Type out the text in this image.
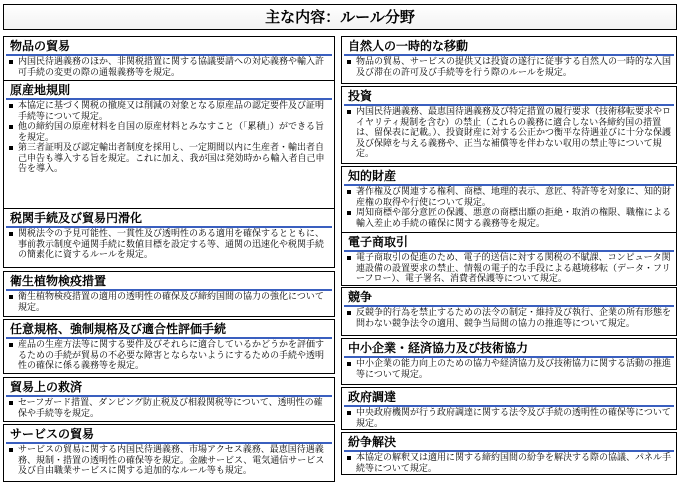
主な内容：ルール分野
物品の貿易
内国民待遇義務のほか、非関税措置に関する協議要請への対応義務や輸入許可手続の変更の際の通報義務等を規定。
原産地規則
本協定に基づく関税の撤廃又は削減の対象となる原産品の認定要件及び証明手続等について規定。
他の締約国の原産材料を自国の原産材料とみなすこと（「累積」）ができる旨を規定。
第三者証明及び認定輸出者制度を採用し、一定期間以内に生産者・輸出者自己申告も導入する旨を規定。これに加え、我が国は発効時から輸入者自己申告を導入。
税関手続及び貿易円滑化
関税法令の予見可能性、一貫性及び透明性のある適用を確保するとともに、事前教示制度や通関手続に数値目標を設定する等、通関の迅速化や税関手続の簡素化に資するルールを規定。
衛生植物検疫措置
衛生植物検疫措置の適用の透明性の確保及び締約国間の協力の強化について規定。
任意規格、強制規格及び適合性評価手続
産品の生産方法等に関する要件及びそれらに適合しているかどうかを評価するための手続が貿易の不必要な障害とならないようにするための手続や透明性の確保に係る義務等を規定。
貿易上の救済
セーフガード措置、ダンピング防止税及び相殺関税等について、透明性の確保や手続等を規定。
サービスの貿易
サービスの貿易に関する内国民待遇義務、市場アクセス義務、最恵国待遇義務、規制・措置の透明性の確保等を規定。金融サービス、電気通信サービス及び自由職業サービスに関する追加的なルール等も規定。
自然人の一時的な移動
物品の貿易、サービスの提供又は投資の遂行に従事する自然人の一時的な入国及び滞在の許可及び手続等を行う際のルールを規定。
投資
内国民待遇義務、最恵国待遇義務及び特定措置の履行要求（技術移転要求やロイヤリティ規制を含む）の禁止（これらの義務に適合しない各締約国の措置は、留保表に記載。）、投資財産に対する公正かつ衡平な待遇並びに十分な保護及び保障を与える義務や、正当な補償等を伴わない収用の禁止等について規定。
知的財産
著作権及び関連する権利、商標、地理的表示、意匠、特許等を対象に、知的財産権の取得や行使について規定。
周知商標や部分意匠の保護、悪意の商標出願の拒絶・取消の権限、職権による輸入差止め手続の確保に関する義務等を規定。
電子商取引
電子商取引の促進のため、電子的送信に対する関税の不賦課、コンピュータ関連設備の設置要求の禁止、情報の電子的な手段による越境移転（データ・フリーフロー）、電子署名、消費者保護等について規定。
競争
反競争的行為を禁止するための法令の制定・維持及び執行、企業の所有形態を問わない競争法令の適用、競争当局間の協力の推進等について規定。
中小企業・経済協力及び技術協力
中小企業の能力向上のための協力や経済協力及び技術協力に関する活動の推進等について規定。
政府調達
中央政府機関が行う政府調達に関する法令及び手続の透明性の確保等について規定。
紛争解決
本協定の解釈又は適用に関する締約国間の紛争を解決する際の協議、パネル手続等について規定。
